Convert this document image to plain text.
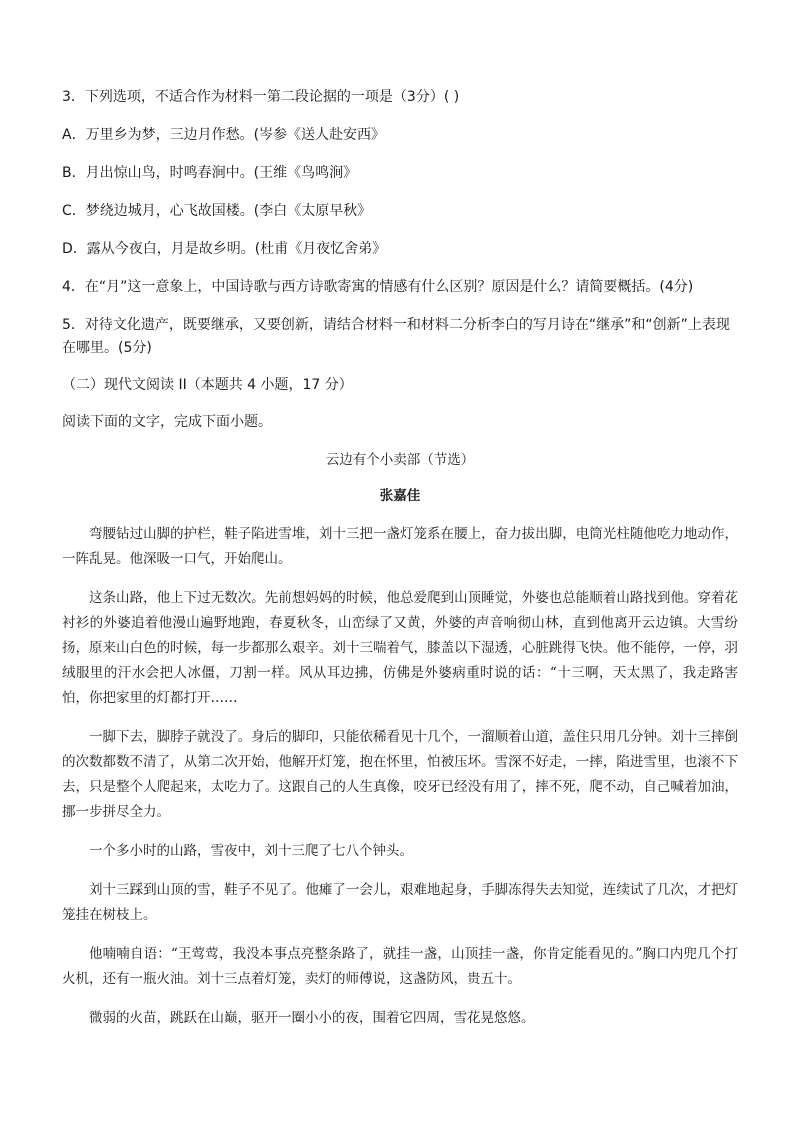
3．下列选项，不适合作为材料一第二段论据的一项是（3分）( )

A．万里乡为梦，三边月作愁。(岑参《送人赴安西》

B．月出惊山鸟，时鸣春涧中。(王维《鸟鸣涧》

C．梦绕边城月，心飞故国楼。(李白《太原早秋》

D．露从今夜白，月是故乡明。(杜甫《月夜忆舍弟》

4．在“月”这一意象上，中国诗歌与西方诗歌寄寓的情感有什么区别？原因是什么？请简要概括。(4分)

5．对待文化遗产，既要继承，又要创新，请结合材料一和材料二分析李白的写月诗在“继承”和“创新”上表现在哪里。(5分)

（二）现代文阅读 II（本题共 4 小题，17 分）

阅读下面的文字，完成下面小题。

云边有个小卖部（节选）

张嘉佳

弯腰钻过山脚的护栏，鞋子陷进雪堆，刘十三把一盏灯笼系在腰上，奋力拔出脚，电筒光柱随他吃力地动作，一阵乱晃。他深吸一口气，开始爬山。

这条山路，他上下过无数次。先前想妈妈的时候，他总爱爬到山顶睡觉，外婆也总能顺着山路找到他。穿着花衬衫的外婆追着他漫山遍野地跑，春夏秋冬，山峦绿了又黄，外婆的声音响彻山林，直到他离开云边镇。大雪纷扬，原来山白色的时候，每一步都那么艰辛。刘十三喘着气，膝盖以下湿透，心脏跳得飞快。他不能停，一停，羽绒服里的汗水会把人冰僵，刀割一样。风从耳边拂，仿佛是外婆病重时说的话：“十三啊，天太黑了，我走路害怕，你把家里的灯都打开……

一脚下去，脚脖子就没了。身后的脚印，只能依稀看见十几个，一溜顺着山道，盖住只用几分钟。刘十三摔倒的次数都数不清了，从第二次开始，他解开灯笼，抱在怀里，怕被压坏。雪深不好走，一摔，陷进雪里，也滚不下去，只是整个人爬起来，太吃力了。这跟自己的人生真像，咬牙已经没有用了，摔不死，爬不动，自己喊着加油，挪一步拼尽全力。

一个多小时的山路，雪夜中，刘十三爬了七八个钟头。

刘十三踩到山顶的雪，鞋子不见了。他瘫了一会儿，艰难地起身，手脚冻得失去知觉，连续试了几次，才把灯笼挂在树枝上。

他喃喃自语：“王莺莺，我没本事点亮整条路了，就挂一盏，山顶挂一盏，你肯定能看见的。”胸口内兜几个打火机，还有一瓶火油。刘十三点着灯笼，卖灯的师傅说，这盏防风，贵五十。

微弱的火苗，跳跃在山巅，驱开一圈小小的夜，围着它四周，雪花晃悠悠。
